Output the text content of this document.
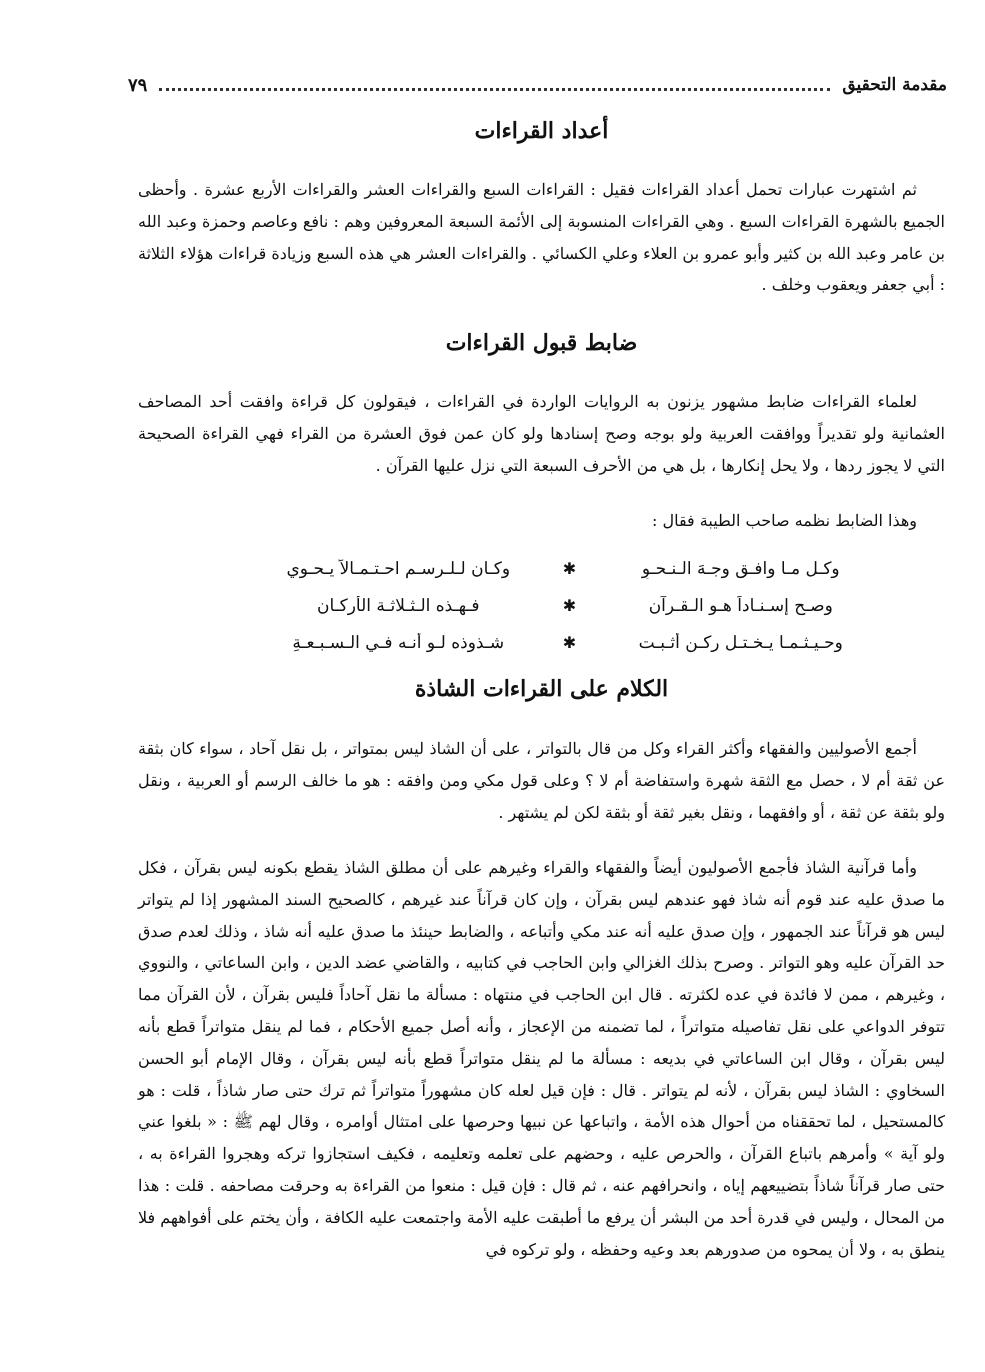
مقدمة التحقيق
٧٩
أعداد القراءات
ثم اشتهرت عبارات تحمل أعداد القراءات فقيل : القراءات السبع والقراءات العشر والقراءات الأربع عشرة . وأحظى الجميع بالشهرة القراءات السبع . وهي القراءات المنسوبة إلى الأئمة السبعة المعروفين وهم : نافع وعاصم وحمزة وعبد الله بن عامر وعبد الله بن كثير وأبو عمرو بن العلاء وعلي الكسائي . والقراءات العشر هي هذه السبع وزيادة قراءات هؤلاء الثلاثة : أبي جعفر ويعقوب وخلف .
ضابط قبول القراءات
لعلماء القراءات ضابط مشهور يزنون به الروايات الواردة في القراءات ، فيقولون كل قراءة وافقت أحد المصاحف العثمانية ولو تقديراً ووافقت العربية ولو بوجه وصح إسنادها ولو كان عمن فوق العشرة من القراء فهي القراءة الصحيحة التي لا يجوز ردها ، ولا يحل إنكارها ، بل هي من الأحرف السبعة التي نزل عليها القرآن .
وهذا الضابط نظمه صاحب الطيبة فقال :
وكـل مـا وافـق وجـهَ الـنـحـوِ
✱
وكـان لـلـرسـم احـتـمـالاً يـحـوي
وصـح إسـنـاداً هـو الـقـرآن
✱
فـهـذه الـثـلاثـة الأركـان
وحـيـثـمـا يـخـتـل ركـن أثـبـت
✱
شـذوذه لـو أنـه فـي الـسـبـعـةِ
الكلام على القراءات الشاذة
أجمع الأصوليين والفقهاء وأكثر القراء وكل من قال بالتواتر ، على أن الشاذ ليس بمتواتر ، بل نقل آحاد ، سواء كان بثقة عن ثقة أم لا ، حصل مع الثقة شهرة واستفاضة أم لا ؟ وعلى قول مكي ومن وافقه : هو ما خالف الرسم أو العربية ، ونقل ولو بثقة عن ثقة ، أو وافقهما ، ونقل بغير ثقة أو بثقة لكن لم يشتهر .
وأما قرآنية الشاذ فأجمع الأصوليون أيضاً والفقهاء والقراء وغيرهم على أن مطلق الشاذ يقطع بكونه ليس بقرآن ، فكل ما صدق عليه عند قوم أنه شاذ فهو عندهم ليس بقرآن ، وإن كان قرآناً عند غيرهم ، كالصحيح السند المشهور إذا لم يتواتر ليس هو قرآناً عند الجمهور ، وإن صدق عليه أنه عند مكي وأتباعه ، والضابط حينئذ ما صدق عليه أنه شاذ ، وذلك لعدم صدق حد القرآن عليه وهو التواتر . وصرح بذلك الغزالي وابن الحاجب في كتابيه ، والقاضي عضد الدين ، وابن الساعاتي ، والنووي ، وغيرهم ، ممن لا فائدة في عده لكثرته . قال ابن الحاجب في منتهاه : مسألة ما نقل آحاداً فليس بقرآن ، لأن القرآن مما تتوفر الدواعي على نقل تفاصيله متواتراً ، لما تضمنه من الإعجاز ، وأنه أصل جميع الأحكام ، فما لم ينقل متواتراً قطع بأنه ليس بقرآن ، وقال ابن الساعاتي في بديعه : مسألة ما لم ينقل متواتراً قطع بأنه ليس بقرآن ، وقال الإمام أبو الحسن السخاوي : الشاذ ليس بقرآن ، لأنه لم يتواتر . قال : فإن قيل لعله كان مشهوراً متواتراً ثم ترك حتى صار شاذاً ، قلت : هو كالمستحيل ، لما تحققناه من أحوال هذه الأمة ، واتباعها عن نبيها وحرصها على امتثال أوامره ، وقال لهم ﷺ : « بلغوا عني ولو آية » وأمرهم باتباع القرآن ، والحرص عليه ، وحضهم على تعلمه وتعليمه ، فكيف استجازوا تركه وهجروا القراءة به ، حتى صار قرآناً شاذاً بتضييعهم إياه ، وانحرافهم عنه ، ثم قال : فإن قيل : منعوا من القراءة به وحرقت مصاحفه . قلت : هذا من المحال ، وليس في قدرة أحد من البشر أن يرفع ما أطبقت عليه الأمة واجتمعت عليه الكافة ، وأن يختم على أفواههم فلا ينطق به ، ولا أن يمحوه من صدورهم بعد وعيه وحفظه ، ولو تركوه في
